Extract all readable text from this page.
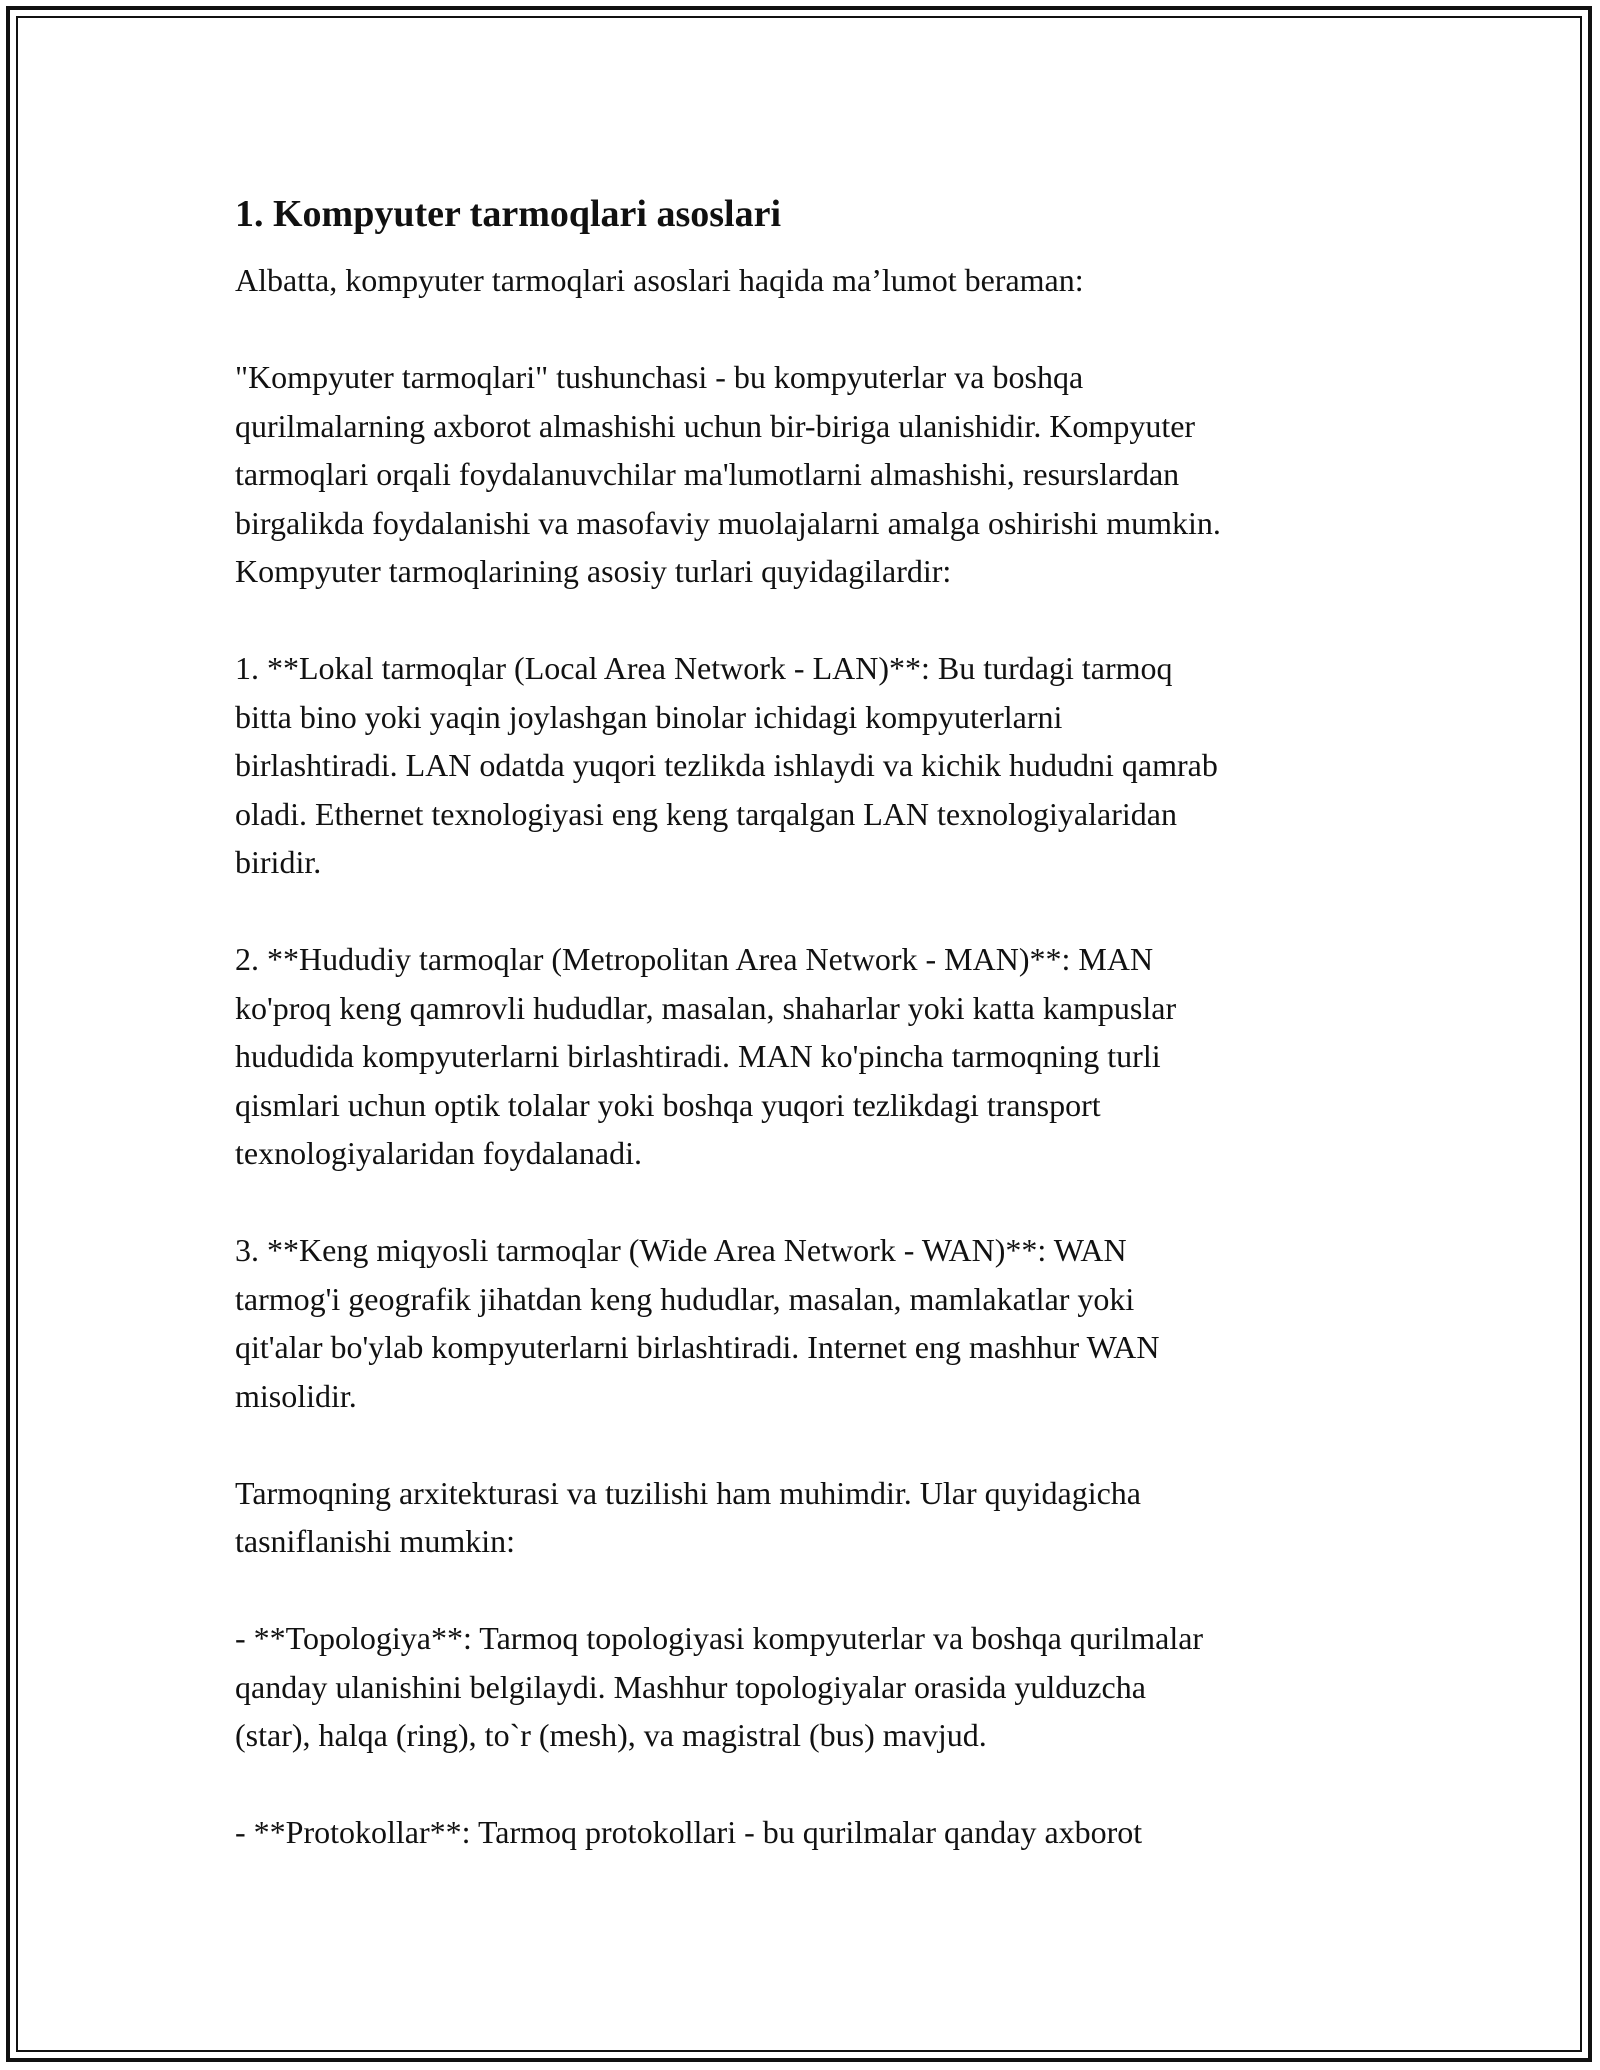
1. Kompyuter tarmoqlari asoslari

Albatta, kompyuter tarmoqlari asoslari haqida ma’lumot beraman:

"Kompyuter tarmoqlari" tushunchasi - bu kompyuterlar va boshqa
qurilmalarning axborot almashishi uchun bir-biriga ulanishidir. Kompyuter
tarmoqlari orqali foydalanuvchilar ma'lumotlarni almashishi, resurslardan
birgalikda foydalanishi va masofaviy muolajalarni amalga oshirishi mumkin.
Kompyuter tarmoqlarining asosiy turlari quyidagilardir:

1. **Lokal tarmoqlar (Local Area Network - LAN)**: Bu turdagi tarmoq
bitta bino yoki yaqin joylashgan binolar ichidagi kompyuterlarni
birlashtiradi. LAN odatda yuqori tezlikda ishlaydi va kichik hududni qamrab
oladi. Ethernet texnologiyasi eng keng tarqalgan LAN texnologiyalaridan
biridir.

2. **Hududiy tarmoqlar (Metropolitan Area Network - MAN)**: MAN
ko'proq keng qamrovli hududlar, masalan, shaharlar yoki katta kampuslar
hududida kompyuterlarni birlashtiradi. MAN ko'pincha tarmoqning turli
qismlari uchun optik tolalar yoki boshqa yuqori tezlikdagi transport
texnologiyalaridan foydalanadi.

3. **Keng miqyosli tarmoqlar (Wide Area Network - WAN)**: WAN
tarmog'i geografik jihatdan keng hududlar, masalan, mamlakatlar yoki
qit'alar bo'ylab kompyuterlarni birlashtiradi. Internet eng mashhur WAN
misolidir.

Tarmoqning arxitekturasi va tuzilishi ham muhimdir. Ular quyidagicha
tasniflanishi mumkin:

- **Topologiya**: Tarmoq topologiyasi kompyuterlar va boshqa qurilmalar
qanday ulanishini belgilaydi. Mashhur topologiyalar orasida yulduzcha
(star), halqa (ring), to`r (mesh), va magistral (bus) mavjud.

- **Protokollar**: Tarmoq protokollari - bu qurilmalar qanday axborot
